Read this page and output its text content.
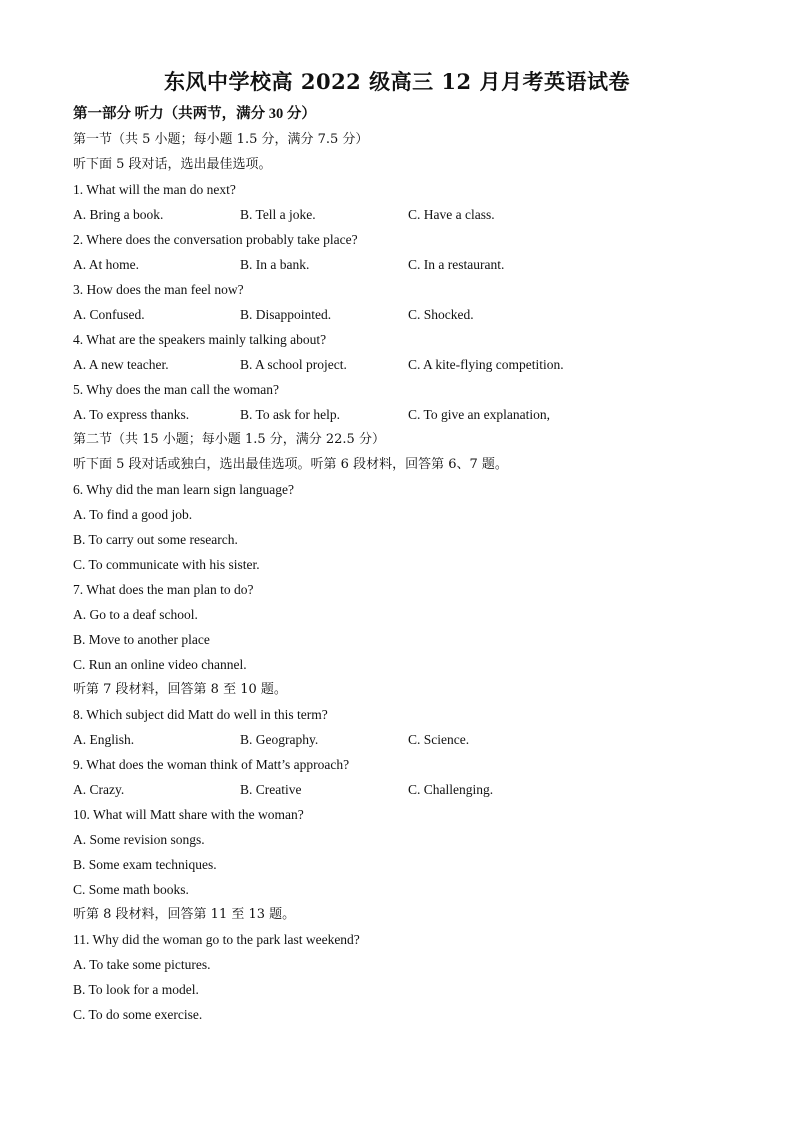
东风中学校高 2022 级高三 12 月月考英语试卷
第一部分 听力（共两节，满分 30 分）
第一节（共 5 小题；每小题 1.5 分，满分 7.5 分）
听下面 5 段对话，选出最佳选项。
1. What will the man do next?
A. Bring a book.	B. Tell a joke.	C. Have a class.
2. Where does the conversation probably take place?
A. At home.	B. In a bank.	C. In a restaurant.
3. How does the man feel now?
A. Confused.	B. Disappointed.	C. Shocked.
4. What are the speakers mainly talking about?
A. A new teacher.	B. A school project.	C. A kite-flying competition.
5. Why does the man call the woman?
A. To express thanks.	B. To ask for help.	C. To give an explanation,
第二节（共 15 小题；每小题 1.5 分，满分 22.5 分）
听下面 5 段对话或独白，选出最佳选项。听第 6 段材料，回答第 6、7 题。
6. Why did the man learn sign language?
A. To find a good job.
B. To carry out some research.
C. To communicate with his sister.
7. What does the man plan to do?
A. Go to a deaf school.
B. Move to another place
C. Run an online video channel.
听第 7 段材料，回答第 8 至 10 题。
8. Which subject did Matt do well in this term?
A. English.	B. Geography.	C. Science.
9. What does the woman think of Matt’s approach?
A. Crazy.	B. Creative	C. Challenging.
10. What will Matt share with the woman?
A. Some revision songs.
B. Some exam techniques.
C. Some math books.
听第 8 段材料，回答第 11 至 13 题。
11. Why did the woman go to the park last weekend?
A. To take some pictures.
B. To look for a model.
C. To do some exercise.
